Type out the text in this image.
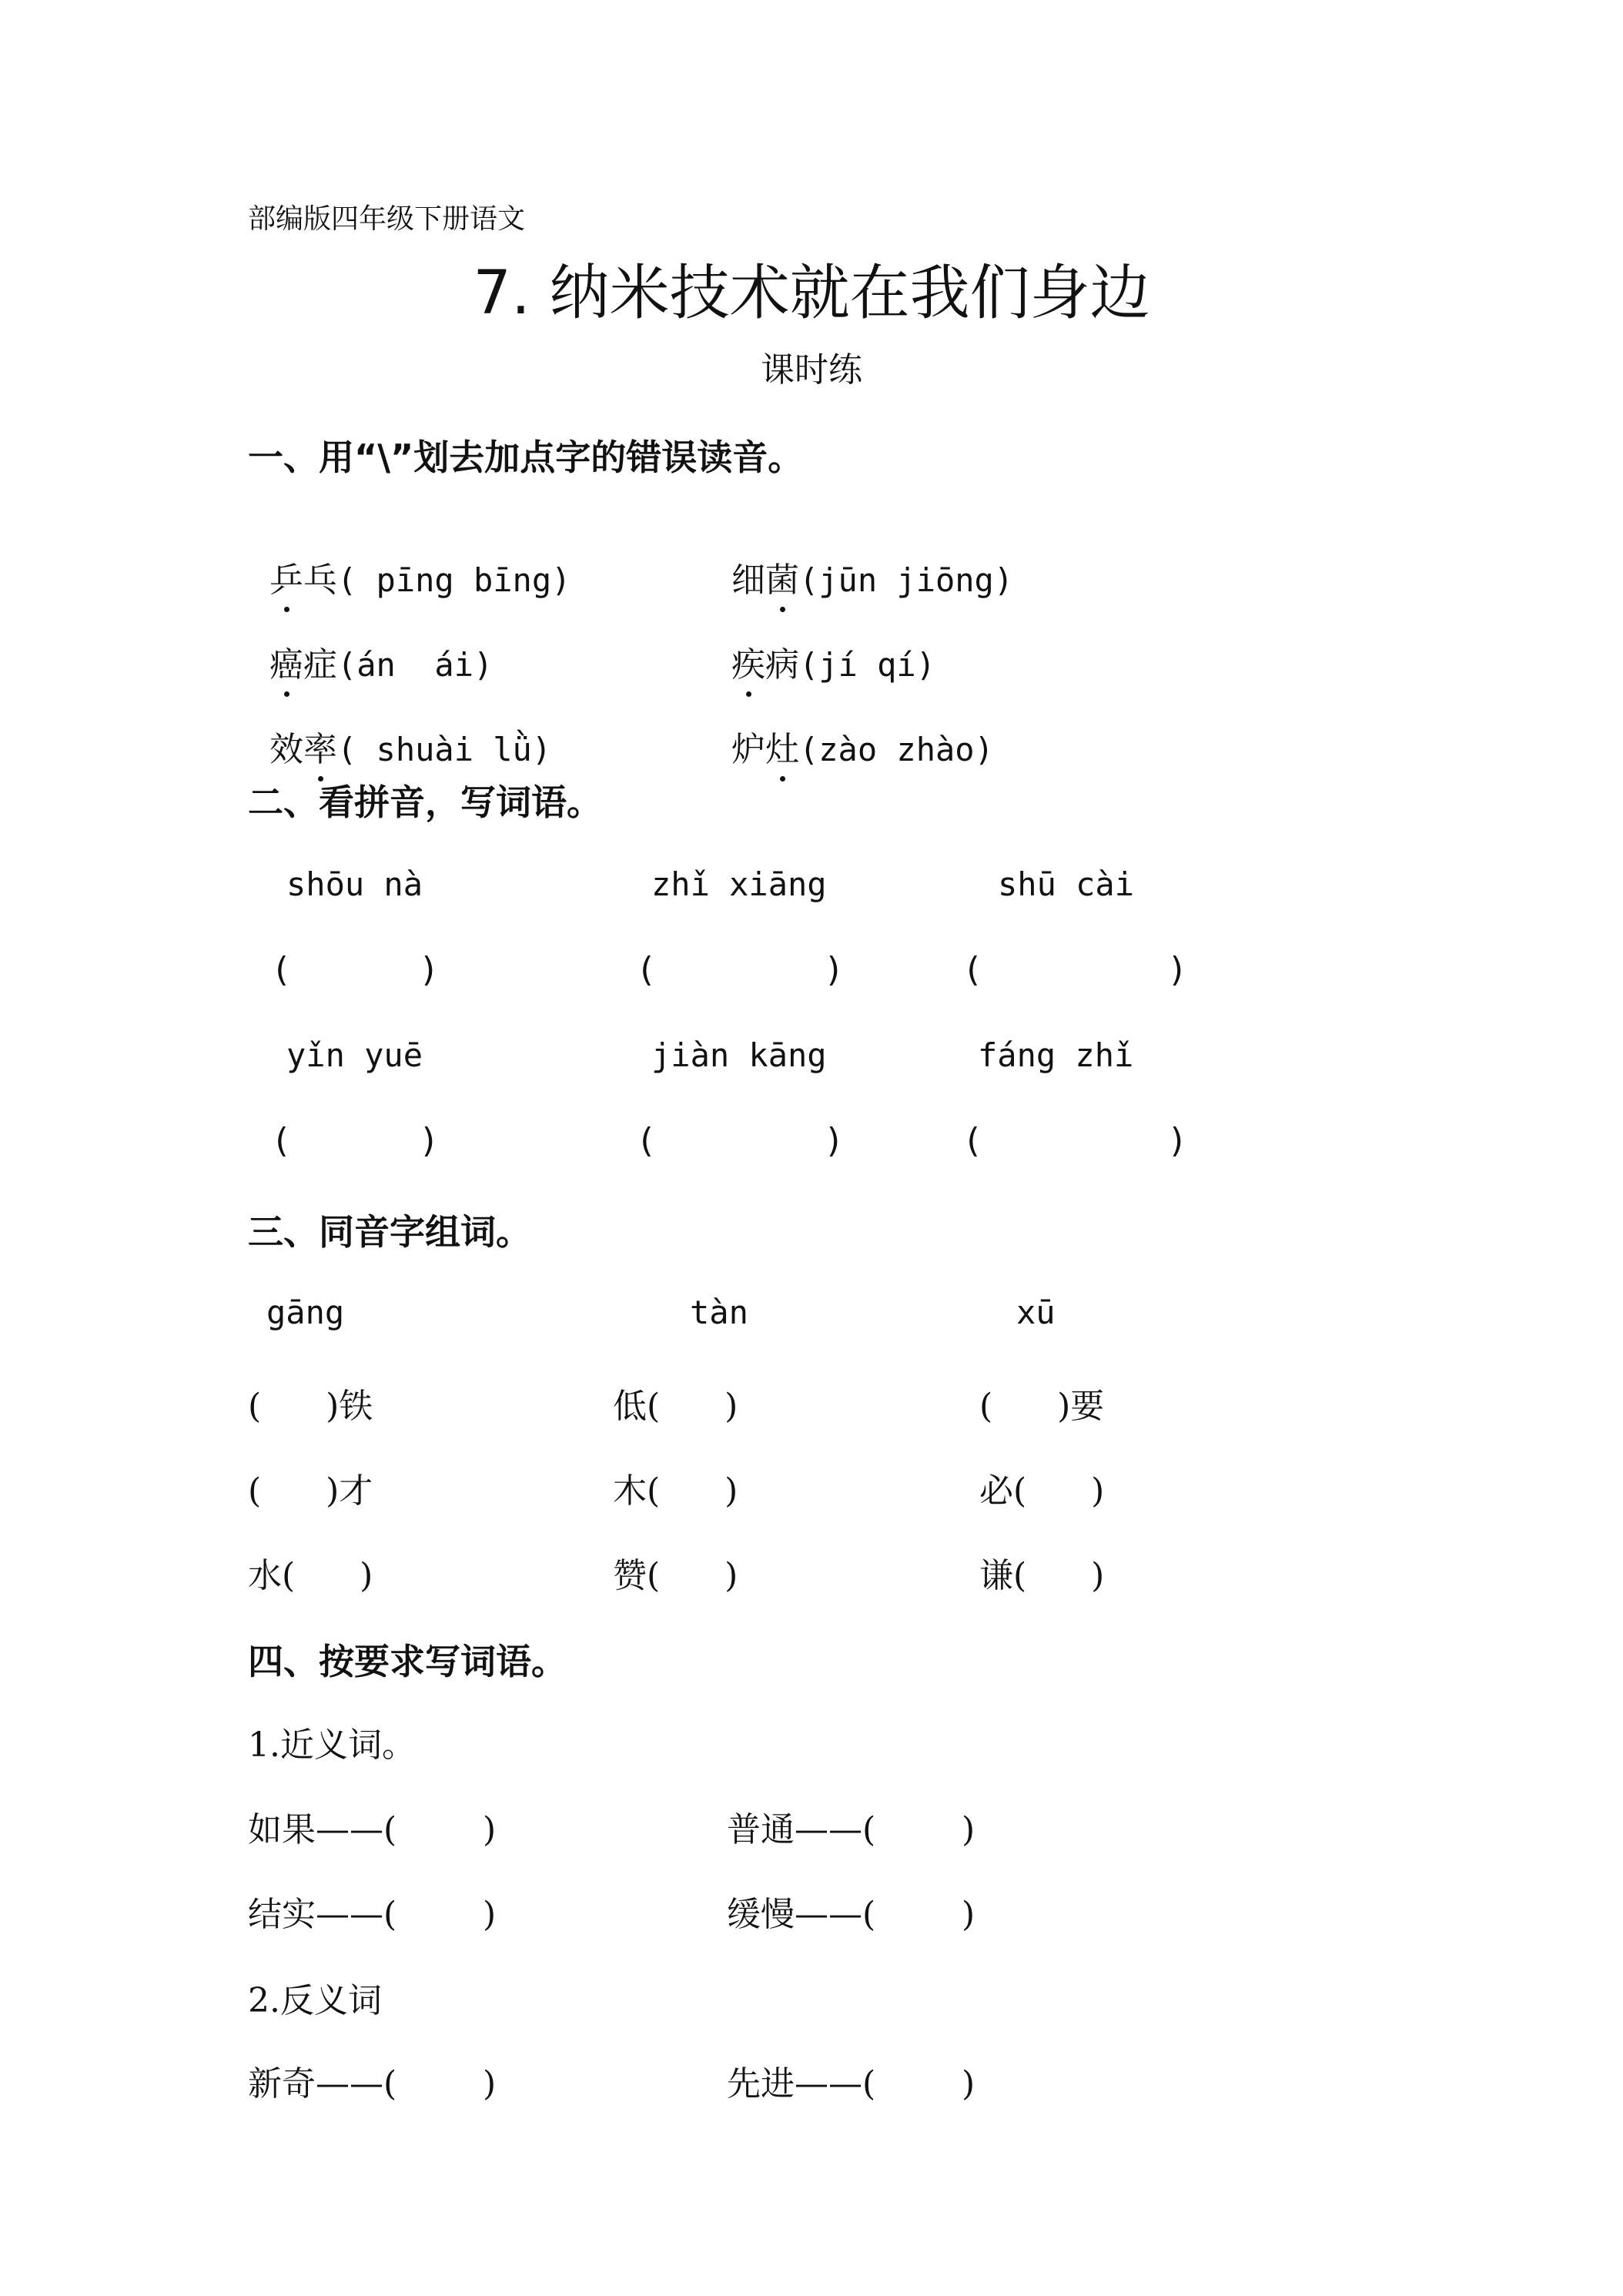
部编版四年级下册语文
7. 纳米技术就在我们身边
课时练
一、用“\”划去加点字的错误读音。

乒乓( pīng bīng)	细菌(jūn jiōng)

癌症(án  ái)	疾病(jí qí)

效率( shuài lǜ)	炉灶(zào zhào)

二、看拼音，写词语。
shōu nà	zhǐ xiāng	shū cài
(	)	(	)	(	)
yǐn yuē	jiàn kāng	fáng zhǐ
(	)	(	)	(	)
三、同音字组词。
gāng	tàn	xū
(      )铁	低(      )	(      )要
(      )才	木(      )	必(      )
水(      )	赞(      )	谦(      )
四、按要求写词语。
1.近义词。
如果——(        )	普通——(        )
结实——(        )	缓慢——(        )
2.反义词
新奇——(        )	先进——(        )
